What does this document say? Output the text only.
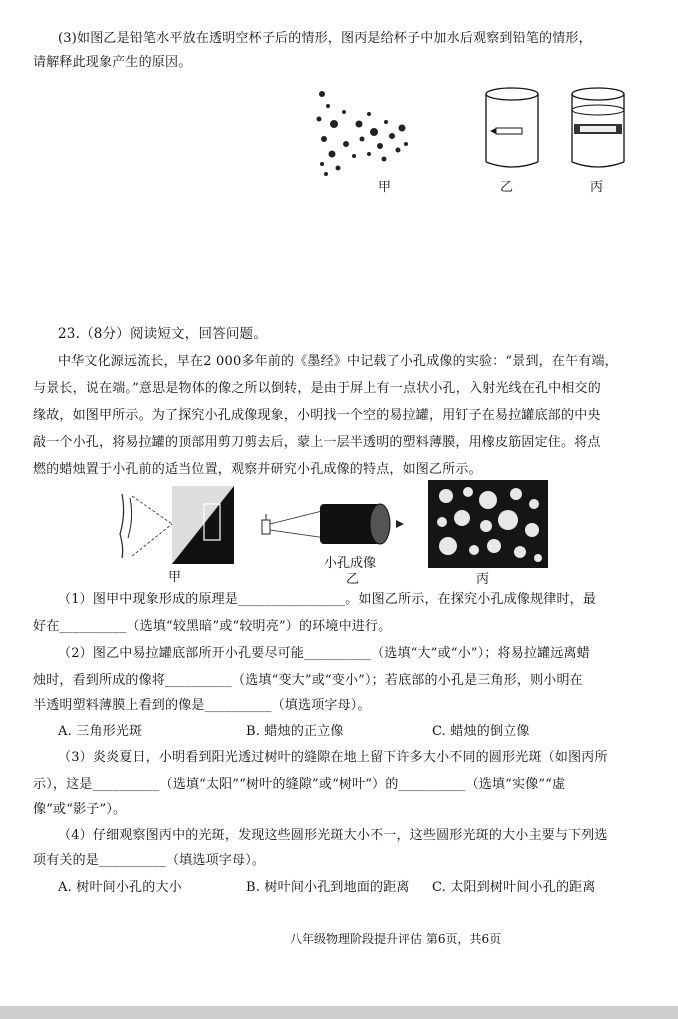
(3)如图乙是铅笔水平放在透明空杯子后的情形，图丙是给杯子中加水后观察到铅笔的情形，
请解释此现象产生的原因。
甲	乙	丙
23.（8分）阅读短文，回答问题。
中华文化源远流长，早在2 000多年前的《墨经》中记载了小孔成像的实验：“景到，在午有端，
与景长，说在端。”意思是物体的像之所以倒转，是由于屏上有一点状小孔，入射光线在孔中相交的
缘故，如图甲所示。为了探究小孔成像现象，小明找一个空的易拉罐，用钉子在易拉罐底部的中央
敲一个小孔，将易拉罐的顶部用剪刀剪去后，蒙上一层半透明的塑料薄膜，用橡皮筋固定住。将点
燃的蜡烛置于小孔前的适当位置，观察并研究小孔成像的特点，如图乙所示。
甲
小孔成像
乙	丙
（1）图甲中现象形成的原理是________________。如图乙所示，在探究小孔成像规律时，最
好在__________（选填“较黑暗”或“较明亮”）的环境中进行。
（2）图乙中易拉罐底部所开小孔要尽可能__________（选填“大”或“小”）；将易拉罐远离蜡
烛时，看到所成的像将__________（选填“变大”或“变小”）；若底部的小孔是三角形，则小明在
半透明塑料薄膜上看到的像是__________（填选项字母）。
A. 三角形光斑	B. 蜡烛的正立像	C. 蜡烛的倒立像
（3）炎炎夏日，小明看到阳光透过树叶的缝隙在地上留下许多大小不同的圆形光斑（如图丙所
示），这是__________（选填“太阳”“树叶的缝隙”或“树叶”）的__________（选填“实像”“虚
像”或“影子”）。
（4）仔细观察图丙中的光斑，发现这些圆形光斑大小不一，这些圆形光斑的大小主要与下列选
项有关的是__________（填选项字母）。
A. 树叶间小孔的大小	B. 树叶间小孔到地面的距离 C. 太阳到树叶间小孔的距离
八年级物理阶段提升评估 第6页，共6页
